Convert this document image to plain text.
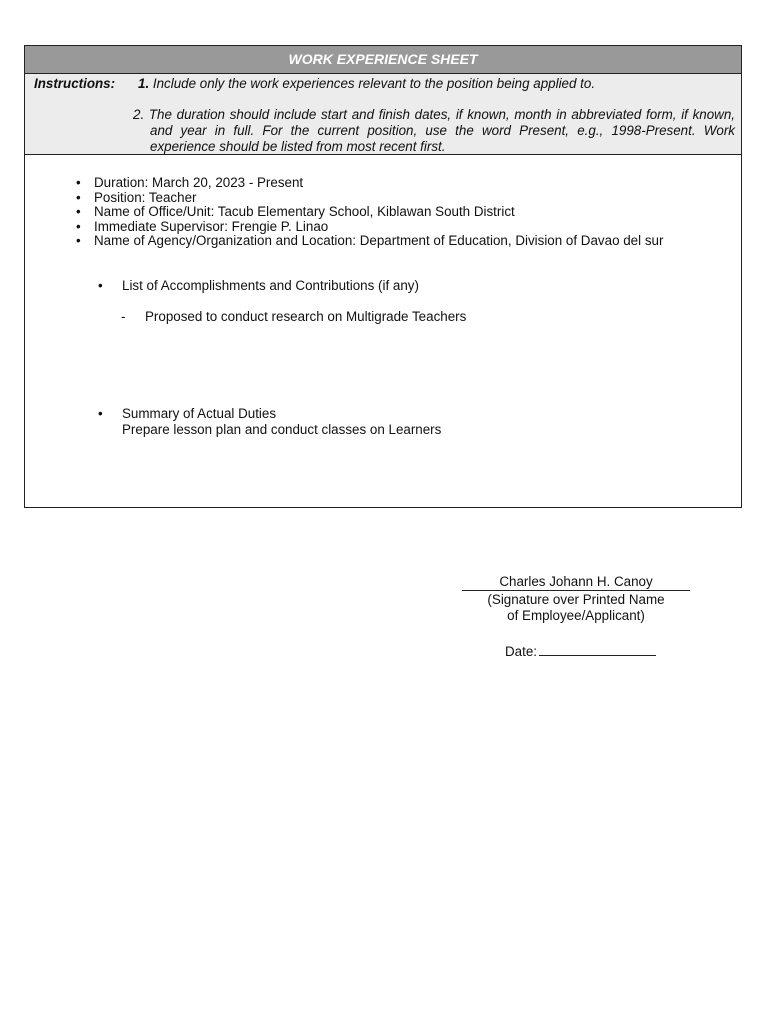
WORK EXPERIENCE SHEET
Instructions: 1. Include only the work experiences relevant to the position being applied to.
2. The duration should include start and finish dates, if known, month in abbreviated form, if known, and year in full. For the current position, use the word Present, e.g., 1998-Present. Work experience should be listed from most recent first.
• Duration: March 20, 2023 - Present
• Position: Teacher
• Name of Office/Unit: Tacub Elementary School, Kiblawan South District
• Immediate Supervisor: Frengie P. Linao
• Name of Agency/Organization and Location: Department of Education, Division of Davao del sur
• List of Accomplishments and Contributions (if any)
- Proposed to conduct research on Multigrade Teachers
• Summary of Actual Duties
Prepare lesson plan and conduct classes on Learners
Charles Johann H. Canoy
(Signature over Printed Name
of Employee/Applicant)
Date:
